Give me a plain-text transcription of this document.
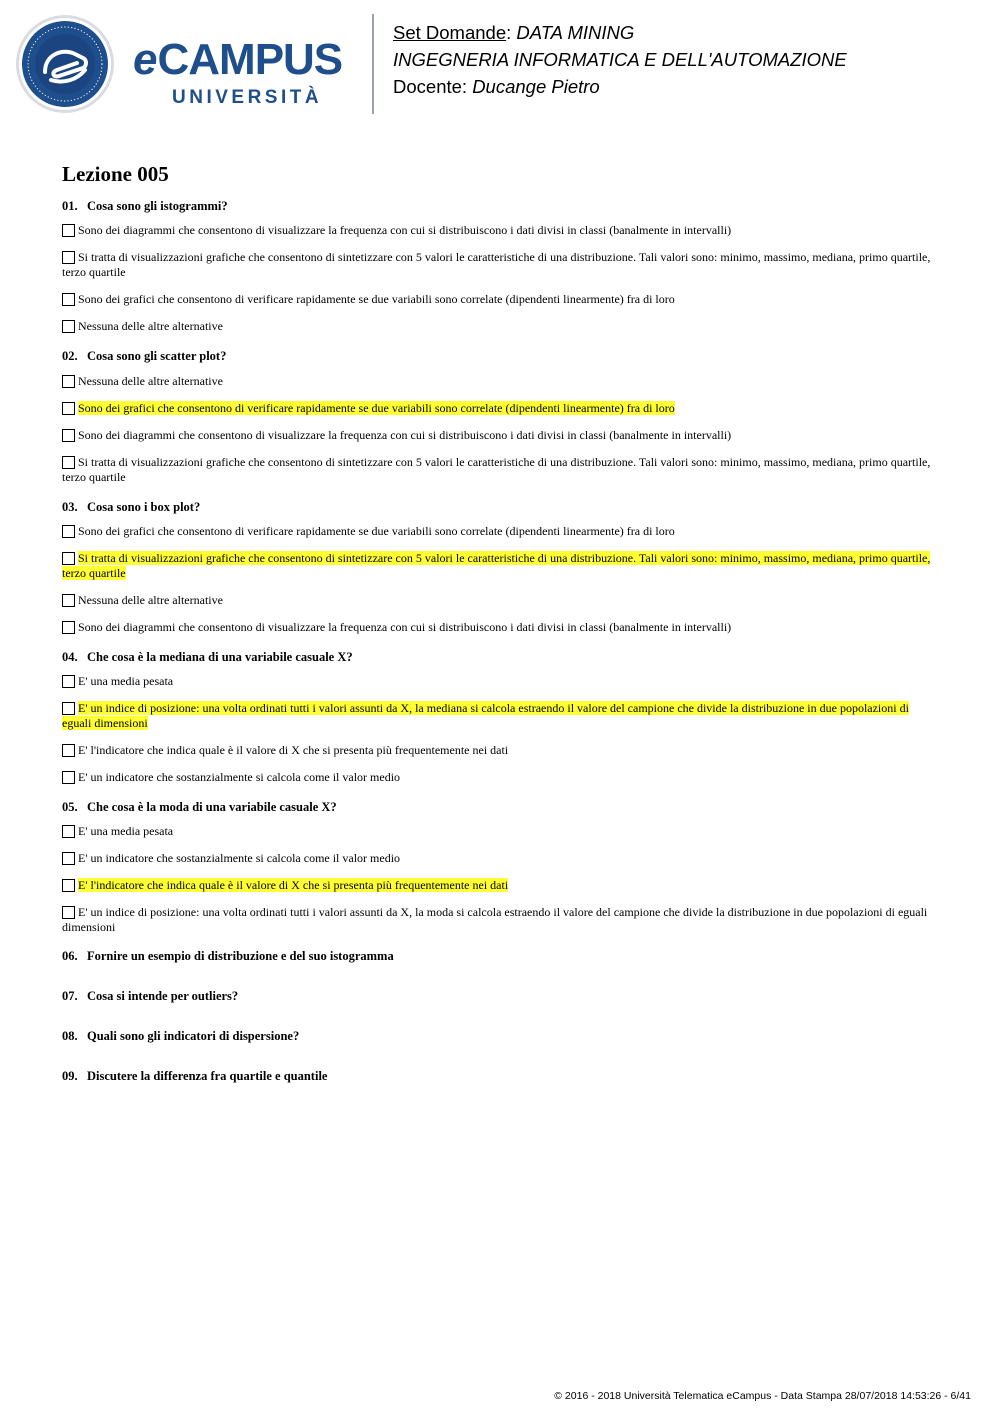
eCAMPUS
UNIVERSITÀ
Set Domande: DATA MINING
INGEGNERIA INFORMATICA E DELL'AUTOMAZIONE
Docente: Ducange Pietro
Lezione 005
01. Cosa sono gli istogrammi?
Sono dei diagrammi che consentono di visualizzare la frequenza con cui si distribuiscono i dati divisi in classi (banalmente in intervalli)
Si tratta di visualizzazioni grafiche che consentono di sintetizzare con 5 valori le caratteristiche di una distribuzione. Tali valori sono: minimo, massimo, mediana, primo quartile, terzo quartile
Sono dei grafici che consentono di verificare rapidamente se due variabili sono correlate (dipendenti linearmente) fra di loro
Nessuna delle altre alternative
02. Cosa sono gli scatter plot?
Nessuna delle altre alternative
Sono dei grafici che consentono di verificare rapidamente se due variabili sono correlate (dipendenti linearmente) fra di loro
Sono dei diagrammi che consentono di visualizzare la frequenza con cui si distribuiscono i dati divisi in classi (banalmente in intervalli)
Si tratta di visualizzazioni grafiche che consentono di sintetizzare con 5 valori le caratteristiche di una distribuzione. Tali valori sono: minimo, massimo, mediana, primo quartile, terzo quartile
03. Cosa sono i box plot?
Sono dei grafici che consentono di verificare rapidamente se due variabili sono correlate (dipendenti linearmente) fra di loro
Si tratta di visualizzazioni grafiche che consentono di sintetizzare con 5 valori le caratteristiche di una distribuzione. Tali valori sono: minimo, massimo, mediana, primo quartile, terzo quartile
Nessuna delle altre alternative
Sono dei diagrammi che consentono di visualizzare la frequenza con cui si distribuiscono i dati divisi in classi (banalmente in intervalli)
04. Che cosa è la mediana di una variabile casuale X?
E' una media pesata
E' un indice di posizione: una volta ordinati tutti i valori assunti da X, la mediana si calcola estraendo il valore del campione che divide la distribuzione in due popolazioni di eguali dimensioni
E' l'indicatore che indica quale è il valore di X che si presenta più frequentemente nei dati
E' un indicatore che sostanzialmente si calcola come il valor medio
05. Che cosa è la moda di una variabile casuale X?
E' una media pesata
E' un indicatore che sostanzialmente si calcola come il valor medio
E' l'indicatore che indica quale è il valore di X che si presenta più frequentemente nei dati
E' un indice di posizione: una volta ordinati tutti i valori assunti da X, la moda si calcola estraendo il valore del campione che divide la distribuzione in due popolazioni di eguali dimensioni
06. Fornire un esempio di distribuzione e del suo istogramma
07. Cosa si intende per outliers?
08. Quali sono gli indicatori di dispersione?
09. Discutere la differenza fra quartile e quantile
© 2016 - 2018 Università Telematica eCampus - Data Stampa 28/07/2018 14:53:26 - 6/41
